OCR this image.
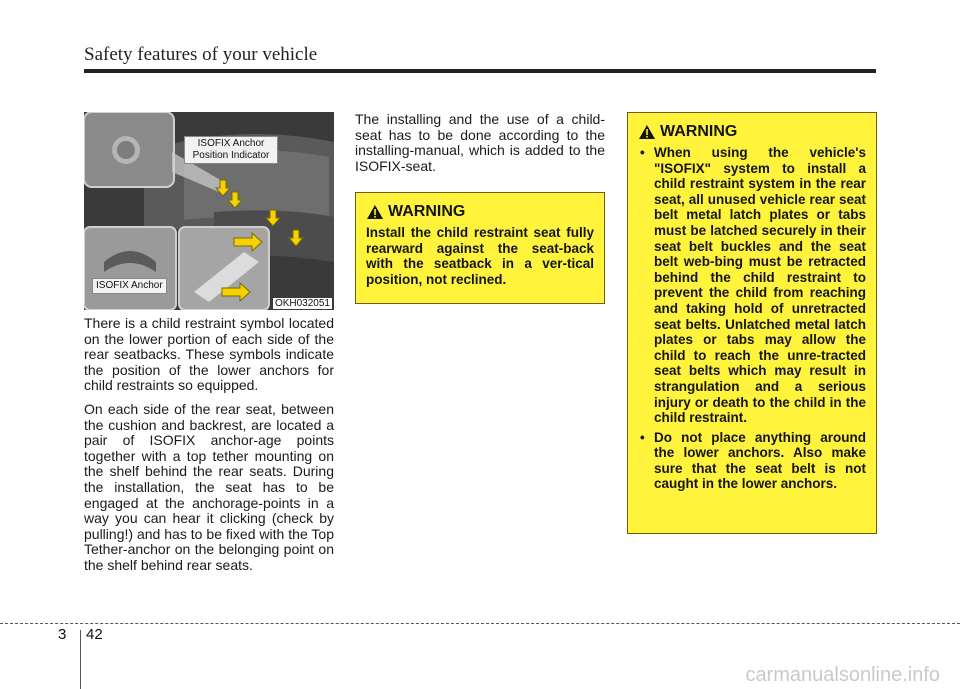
Safety features of your vehicle
ISOFIX Anchor Position Indicator
ISOFIX Anchor
OKH032051

There is a child restraint symbol located on the lower portion of each side of the rear seatbacks. These symbols indicate the position of the lower anchors for child restraints so equipped.

On each side of the rear seat, between the cushion and backrest, are located a pair of ISOFIX anchor-age points together with a top tether mounting on the shelf behind the rear seats. During the installation, the seat has to be engaged at the anchorage-points in a way you can hear it clicking (check by pulling!) and has to be fixed with the Top Tether-anchor on the belonging point on the shelf behind rear seats.

The installing and the use of a child-seat has to be done according to the installing-manual, which is added to the ISOFIX-seat.

WARNING
Install the child restraint seat fully rearward against the seat-back with the seatback in a ver-tical position, not reclined.
WARNING
• When using the vehicle's "ISOFIX" system to install a child restraint system in the rear seat, all unused vehicle rear seat belt metal latch plates or tabs must be latched securely in their seat belt buckles and the seat belt web-bing must be retracted behind the child restraint to prevent the child from reaching and taking hold of unretracted seat belts. Unlatched metal latch plates or tabs may allow the child to reach the unre-tracted seat belts which may result in strangulation and a serious injury or death to the child in the child restraint.
• Do not place anything around the lower anchors. Also make sure that the seat belt is not caught in the lower anchors.
3 42
carmanualsonline.info
